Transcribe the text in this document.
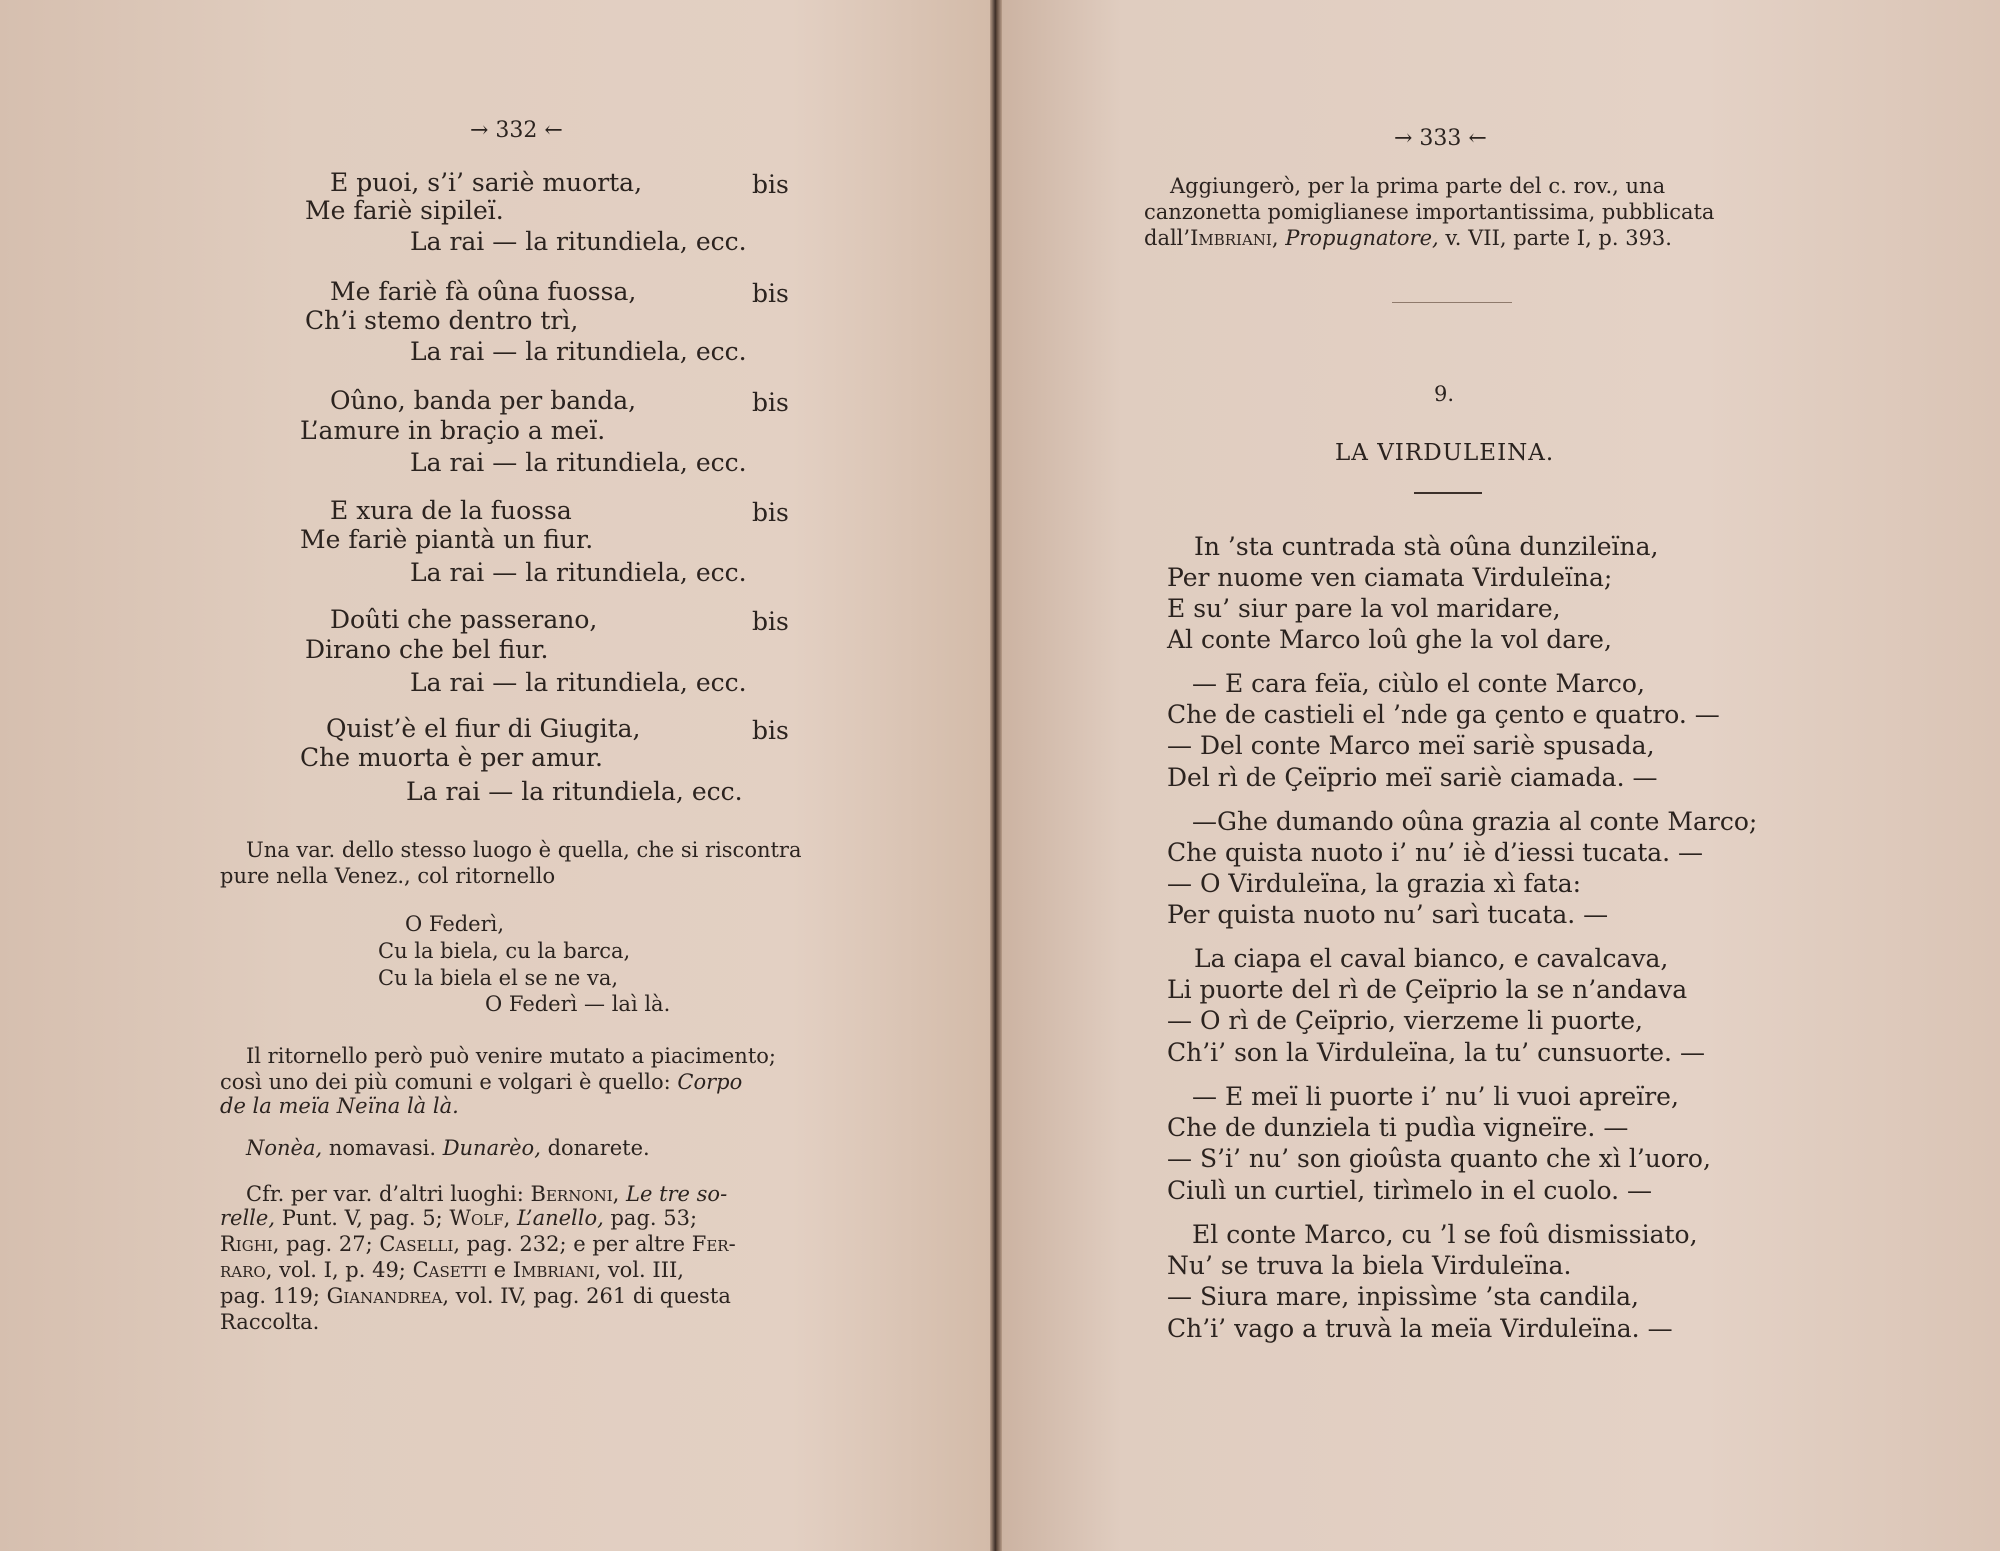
→ 332 ←
E puoi, s’i’ sariè muorta,	bis
Me fariè sipileï.
La rai — la ritundiela, ecc.
Me fariè fà oûna fuossa,	bis
Ch’i stemo dentro trì,
La rai — la ritundiela, ecc.
Oûno, banda per banda,	bis
L’amure in braçio a meï.
La rai — la ritundiela, ecc.
E xura de la fuossa	bis
Me fariè piantà un fiur.
La rai — la ritundiela, ecc.
Doûti che passerano,	bis
Dirano che bel fiur.
La rai — la ritundiela, ecc.
Quist’è el fiur di Giugita,	bis
Che muorta è per amur.
La rai — la ritundiela, ecc.
Una var. dello stesso luogo è quella, che si riscontra
pure nella Venez., col ritornello
O Federì,
Cu la biela, cu la barca,
Cu la biela el se ne va,
O Federì — laì là.
Il ritornello però può venire mutato a piacimento;
così uno dei più comuni e volgari è quello: Corpo
de la meïa Neïna là là.
Nonèa, nomavasi. Dunarèo, donarete.
Cfr. per var. d’altri luoghi: Bernoni, Le tre so-
relle, Punt. V, pag. 5; Wolf, L’anello, pag. 53;
Righi, pag. 27; Caselli, pag. 232; e per altre Fer-
raro, vol. I, p. 49; Casetti e Imbriani, vol. III,
pag. 119; Gianandrea, vol. IV, pag. 261 di questa
Raccolta.
→ 333 ←
Aggiungerò, per la prima parte del c. rov., una
canzonetta pomiglianese importantissima, pubblicata
dall’Imbriani, Propugnatore, v. VII, parte I, p. 393.
9.
LA VIRDULEINA.
In ’sta cuntrada stà oûna dunzileïna,
Per nuome ven ciamata Virduleïna;
E su’ siur pare la vol maridare,
Al conte Marco loû ghe la vol dare,
— E cara feïa, ciùlo el conte Marco,
Che de castieli el ’nde ga çento e quatro. —
— Del conte Marco meï sariè spusada,
Del rì de Çeïprio meï sariè ciamada. —
—Ghe dumando oûna grazia al conte Marco;
Che quista nuoto i’ nu’ iè d’iessi tucata. —
— O Virduleïna, la grazia xì fata:
Per quista nuoto nu’ sarì tucata. —
La ciapa el caval bianco, e cavalcava,
Li puorte del rì de Çeïprio la se n’andava
— O rì de Çeïprio, vierzeme li puorte,
Ch’i’ son la Virduleïna, la tu’ cunsuorte. —
— E meï li puorte i’ nu’ li vuoi apreïre,
Che de dunziela ti pudìa vigneïre. —
— S’i’ nu’ son gioûsta quanto che xì l’uoro,
Ciulì un curtiel, tirìmelo in el cuolo. —
El conte Marco, cu ’l se foû dismissiato,
Nu’ se truva la biela Virduleïna.
— Siura mare, inpissìme ’sta candila,
Ch’i’ vago a truvà la meïa Virduleïna. —
